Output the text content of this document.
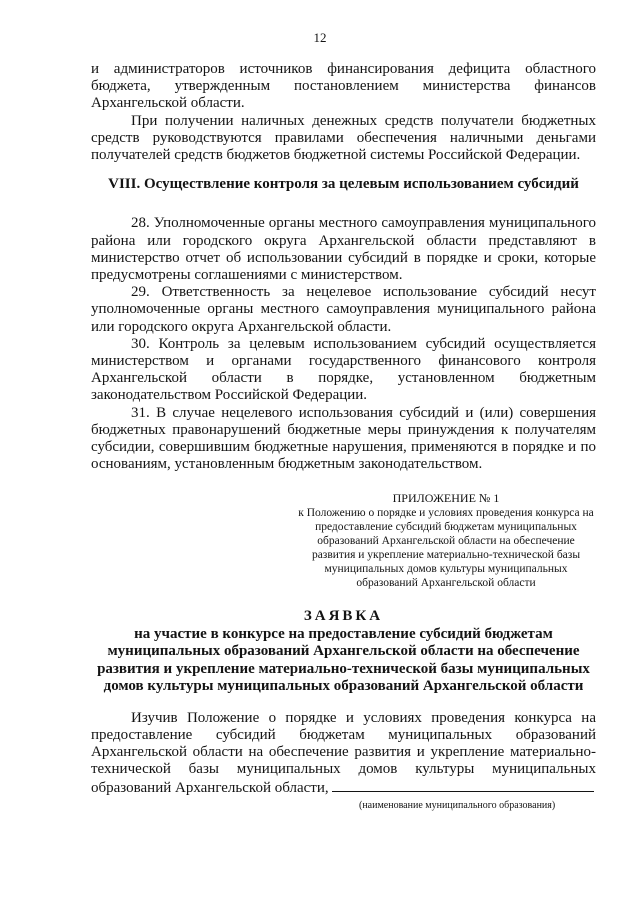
12

и администраторов источников финансирования дефицита областного бюджета, утвержденным постановлением министерства финансов Архангельской области.

При получении наличных денежных средств получатели бюджетных средств руководствуются правилами обеспечения наличными деньгами получателей средств бюджетов бюджетной системы Российской Федерации.

VIII. Осуществление контроля за целевым использованием субсидий

28. Уполномоченные органы местного самоуправления муниципального района или городского округа Архангельской области представляют в министерство отчет об использовании субсидий в порядке и сроки, которые предусмотрены соглашениями с министерством.

29. Ответственность за нецелевое использование субсидий несут уполномоченные органы местного самоуправления муниципального района или городского округа Архангельской области.

30. Контроль за целевым использованием субсидий осуществляется министерством и органами государственного финансового контроля Архангельской области в порядке, установленном бюджетным законодательством Российской Федерации.

31. В случае нецелевого использования субсидий и (или) совершения бюджетных правонарушений бюджетные меры принуждения к получателям субсидии, совершившим бюджетные нарушения, применяются в порядке и по основаниям, установленным бюджетным законодательством.

ПРИЛОЖЕНИЕ № 1
к Положению о порядке и условиях проведения конкурса на предоставление субсидий бюджетам муниципальных образований Архангельской области на обеспечение развития и укрепление материально-технической базы муниципальных домов культуры муниципальных образований Архангельской области

ЗАЯВКА

на участие в конкурсе на предоставление субсидий бюджетам муниципальных образований Архангельской области на обеспечение развития и укрепление материально-технической базы муниципальных домов культуры муниципальных образований Архангельской области

Изучив Положение о порядке и условиях проведения конкурса на предоставление субсидий бюджетам муниципальных образований Архангельской области на обеспечение развития и укрепление материально-технической базы муниципальных домов культуры муниципальных образований Архангельской области,

(наименование муниципального образования)
